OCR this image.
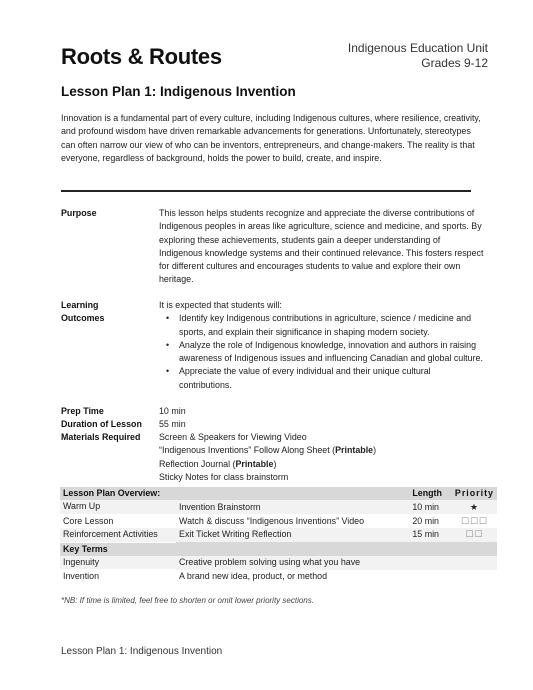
Roots & Routes	Indigenous Education Unit
Grades 9-12
Lesson Plan 1: Indigenous Invention
Innovation is a fundamental part of every culture, including Indigenous cultures, where resilience, creativity, and profound wisdom have driven remarkable advancements for generations. Unfortunately, stereotypes can often narrow our view of who can be inventors, entrepreneurs, and change-makers. The reality is that everyone, regardless of background, holds the power to build, create, and inspire.
Purpose	This lesson helps students recognize and appreciate the diverse contributions of Indigenous peoples in areas like agriculture, science and medicine, and sports. By exploring these achievements, students gain a deeper understanding of Indigenous knowledge systems and their continued relevance. This fosters respect for different cultures and encourages students to value and explore their own heritage.
Learning
Outcomes
It is expected that students will:
• Identify key Indigenous contributions in agriculture, science / medicine and sports, and explain their significance in shaping modern society.
• Analyze the role of Indigenous knowledge, innovation and authors in raising awareness of Indigenous issues and influencing Canadian and global culture.
• Appreciate the value of every individual and their unique cultural contributions.
Prep Time	10 min
Duration of Lesson	55 min
Materials Required	Screen & Speakers for Viewing Video
“Indigenous Inventions” Follow Along Sheet (Printable)
Reflection Journal (Printable)
Sticky Notes for class brainstorm
Lesson Plan Overview:		Length	Priority
Warm Up	Invention Brainstorm	10 min	★
Core Lesson	Watch & discuss “Indigenous Inventions” Video	20 min	☐☐☐
Reinforcement Activities	Exit Ticket Writing Reflection	15 min	☐☐
Key Terms			
Ingenuity	Creative problem solving using what you have		
Invention	A brand new idea, product, or method		
*NB: If time is limited, feel free to shorten or omit lower priority sections.
Lesson Plan 1: Indigenous Invention
